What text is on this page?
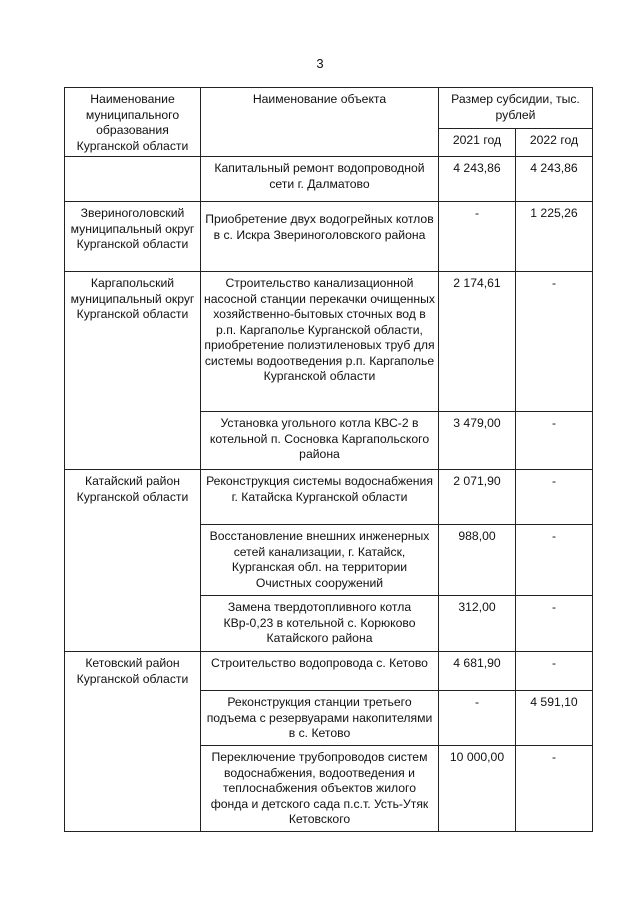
3
Наименование муниципального образования Курганской области	Наименование объекта	Размер субсидии, тыс. рублей	
		2021 год	2022 год
	Капитальный ремонт водопроводной сети г. Далматово	4 243,86	4 243,86
Звериноголовский муниципальный округ Курганской области	Приобретение двух водогрейных котлов в с. Искра Звериноголовского района	-	1 225,26
Каргапольский муниципальный округ Курганской области	Строительство канализационной насосной станции перекачки очищенных хозяйственно-бытовых сточных вод в р.п. Каргаполье Курганской области, приобретение полиэтиленовых труб для системы водоотведения р.п. Каргаполье Курганской области	2 174,61	-
	Установка угольного котла КВС-2 в котельной п. Сосновка Каргапольского района	3 479,00	-
Катайский район Курганской области	Реконструкция системы водоснабжения г. Катайска Курганской области	2 071,90	-
	Восстановление внешних инженерных сетей канализации, г. Катайск, Курганская обл. на территории Очистных сооружений	988,00	-
	Замена твердотопливного котла КВр-0,23 в котельной с. Корюково Катайского района	312,00	-
Кетовский район Курганской области	Строительство водопровода с. Кетово	4 681,90	-
	Реконструкция станции третьего подъема с резервуарами накопителями в с. Кетово	-	4 591,10
	Переключение трубопроводов систем водоснабжения, водоотведения и теплоснабжения объектов жилого фонда и детского сада п.с.т. Усть-Утяк Кетовского	10 000,00	-
